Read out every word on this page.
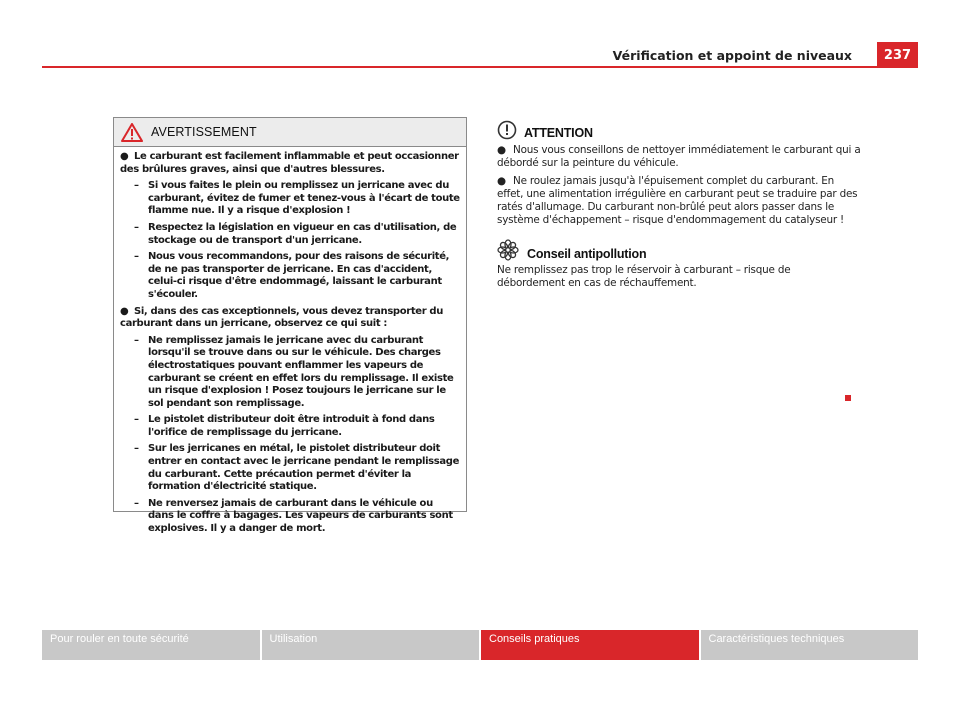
Vérification et appoint de niveaux	237
AVERTISSEMENT
● Le carburant est facilement inflammable et peut occasionner des brûlures graves, ainsi que d'autres blessures.
– Si vous faites le plein ou remplissez un jerricane avec du carburant, évitez de fumer et tenez-vous à l'écart de toute flamme nue. Il y a risque d'explosion !
– Respectez la législation en vigueur en cas d'utilisation, de stockage ou de transport d'un jerricane.
– Nous vous recommandons, pour des raisons de sécurité, de ne pas transporter de jerricane. En cas d'accident, celui-ci risque d'être endommagé, laissant le carburant s'écouler.
● Si, dans des cas exceptionnels, vous devez transporter du carburant dans un jerricane, observez ce qui suit :
– Ne remplissez jamais le jerricane avec du carburant lorsqu'il se trouve dans ou sur le véhicule. Des charges électrostatiques pouvant enflammer les vapeurs de carburant se créent en effet lors du remplissage. Il existe un risque d'explosion ! Posez toujours le jerricane sur le sol pendant son remplissage.
– Le pistolet distributeur doit être introduit à fond dans l'orifice de remplissage du jerricane.
– Sur les jerricanes en métal, le pistolet distributeur doit entrer en contact avec le jerricane pendant le remplissage du carburant. Cette précaution permet d'éviter la formation d'électricité statique.
– Ne renversez jamais de carburant dans le véhicule ou dans le coffre à bagages. Les vapeurs de carburants sont explosives. Il y a danger de mort.
ATTENTION
● Nous vous conseillons de nettoyer immédiatement le carburant qui a débordé sur la peinture du véhicule.
● Ne roulez jamais jusqu'à l'épuisement complet du carburant. En effet, une alimentation irrégulière en carburant peut se traduire par des ratés d'allumage. Du carburant non-brûlé peut alors passer dans le système d'échappement – risque d'endommagement du catalyseur !
Conseil antipollution
Ne remplissez pas trop le réservoir à carburant – risque de débordement en cas de réchauffement.
Pour rouler en toute sécurité	Utilisation	Conseils pratiques	Caractéristiques techniques
